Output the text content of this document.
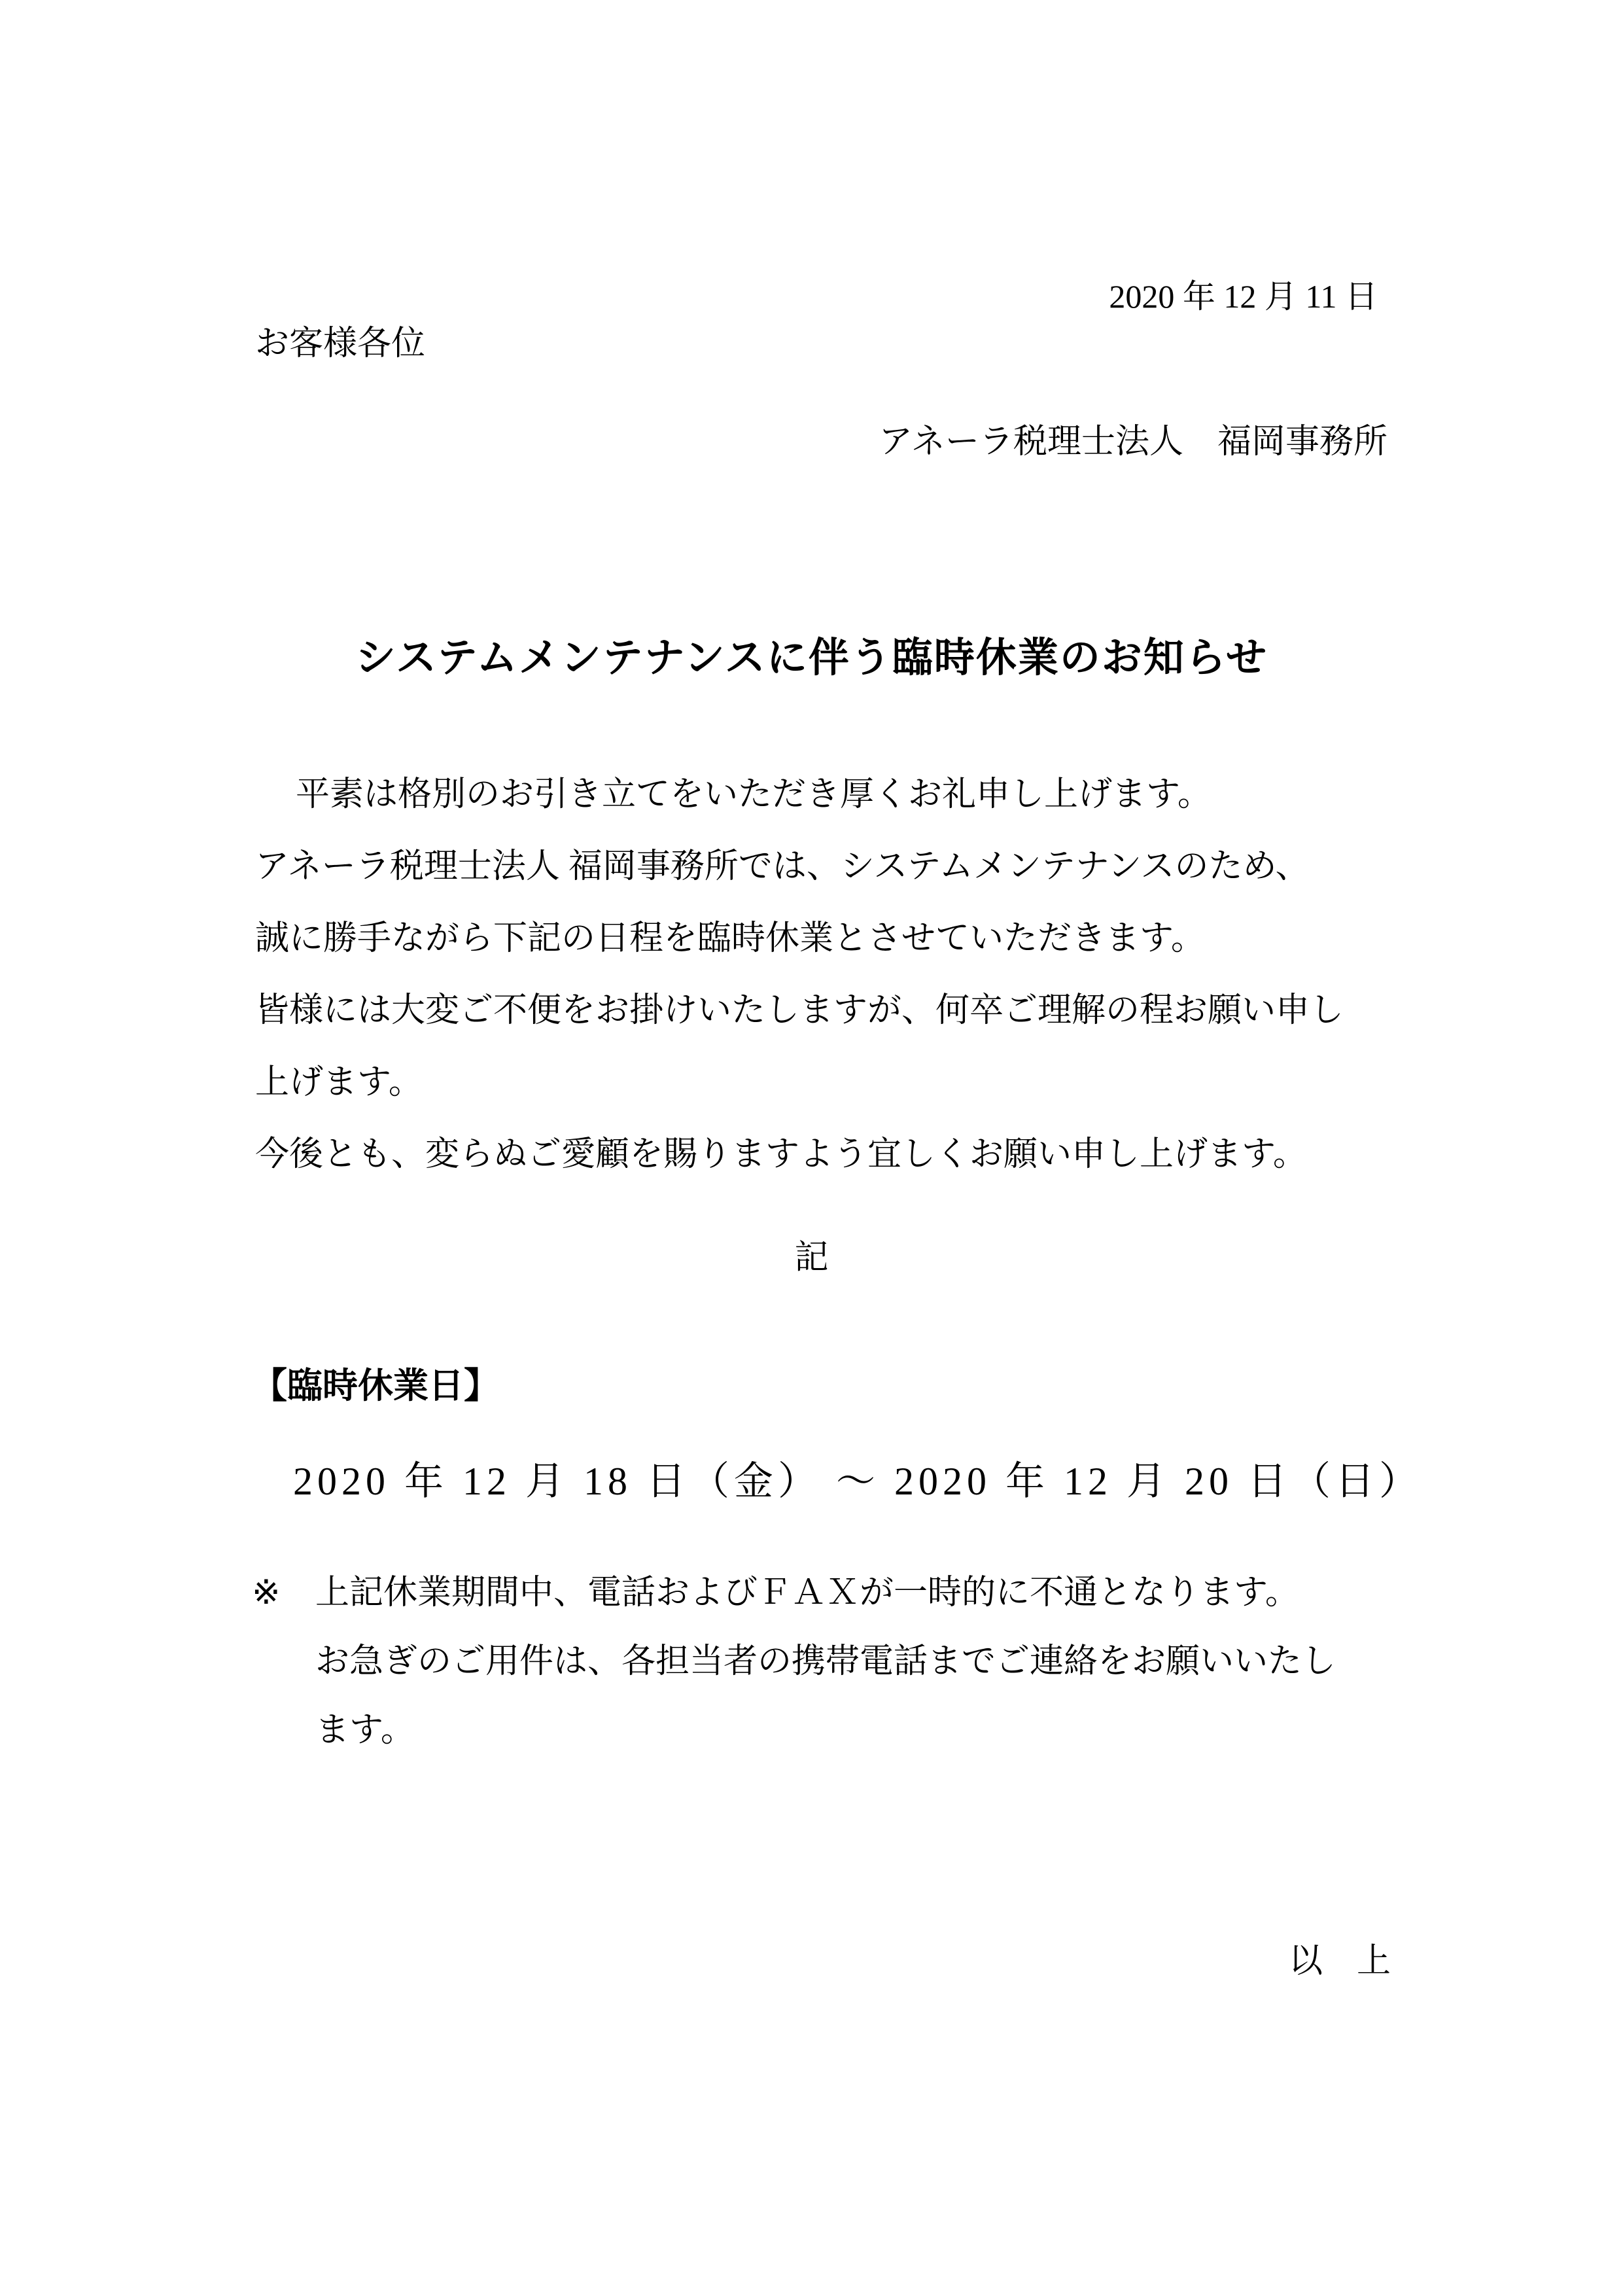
2020 年 12 月 11 日
お客様各位
アネーラ税理士法人　福岡事務所
システムメンテナンスに伴う臨時休業のお知らせ
平素は格別のお引き立てをいただき厚くお礼申し上げます。
アネーラ税理士法人 福岡事務所では、システムメンテナンスのため、
誠に勝手ながら下記の日程を臨時休業とさせていただきます。
皆様には大変ご不便をお掛けいたしますが、何卒ご理解の程お願い申し
上げます。
今後とも、変らぬご愛顧を賜りますよう宜しくお願い申し上げます。
記
【臨時休業日】
2020 年 12 月 18 日（金） ～ 2020 年 12 月 20 日（日）
※ 上記休業期間中、電話およびＦＡＸが一時的に不通となります。
お急ぎのご用件は、各担当者の携帯電話までご連絡をお願いいたし
ます。
以　上
